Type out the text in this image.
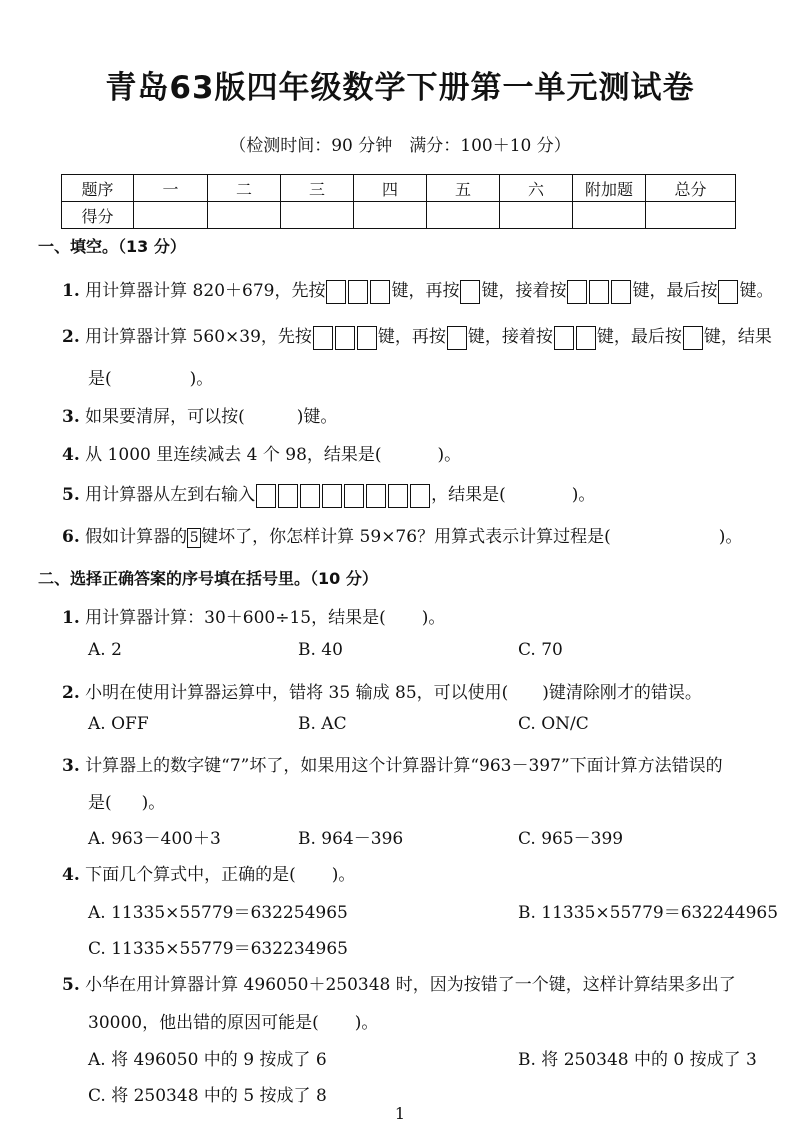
青岛63版四年级数学下册第一单元测试卷
（检测时间：90 分钟　满分：100＋10 分）
题序	一	二	三	四	五	六	附加题	总分
得分								
一、填空。（13 分）
1. 用计算器计算 820＋679，先按	键，再按 键，接着按	键，最后按 键。
2. 用计算器计算 560×39，先按	键，再按 键，接着按	键，最后按 键，结果
是(	)。
3. 如果要清屏，可以按(	)键。
4. 从 1000 里连续减去 4 个 98，结果是(	)。
5. 用计算器从左到右输入	，结果是(	)。
6. 假如计算器的 5 键坏了，你怎样计算 59×76？用算式表示计算过程是(	)。
二、选择正确答案的序号填在括号里。（10 分）
1. 用计算器计算：30＋600÷15，结果是( )。
A. 2	B. 40	C. 70
2. 小明在使用计算器运算中，错将 35 输成 85，可以使用( )键清除刚才的错误。
A. OFF	B. AC	C. ON/C
3. 计算器上的数字键“7”坏了，如果用这个计算器计算“963－397”下面计算方法错误的
是( )。
A. 963－400＋3	B. 964－396	C. 965－399
4. 下面几个算式中，正确的是( )。
A. 11335×55779＝632254965	B. 11335×55779＝632244965
C. 11335×55779＝632234965
5. 小华在用计算器计算 496050＋250348 时，因为按错了一个键，这样计算结果多出了
30000，他出错的原因可能是( )。
A. 将 496050 中的 9 按成了 6	B. 将 250348 中的 0 按成了 3
C. 将 250348 中的 5 按成了 8
1
